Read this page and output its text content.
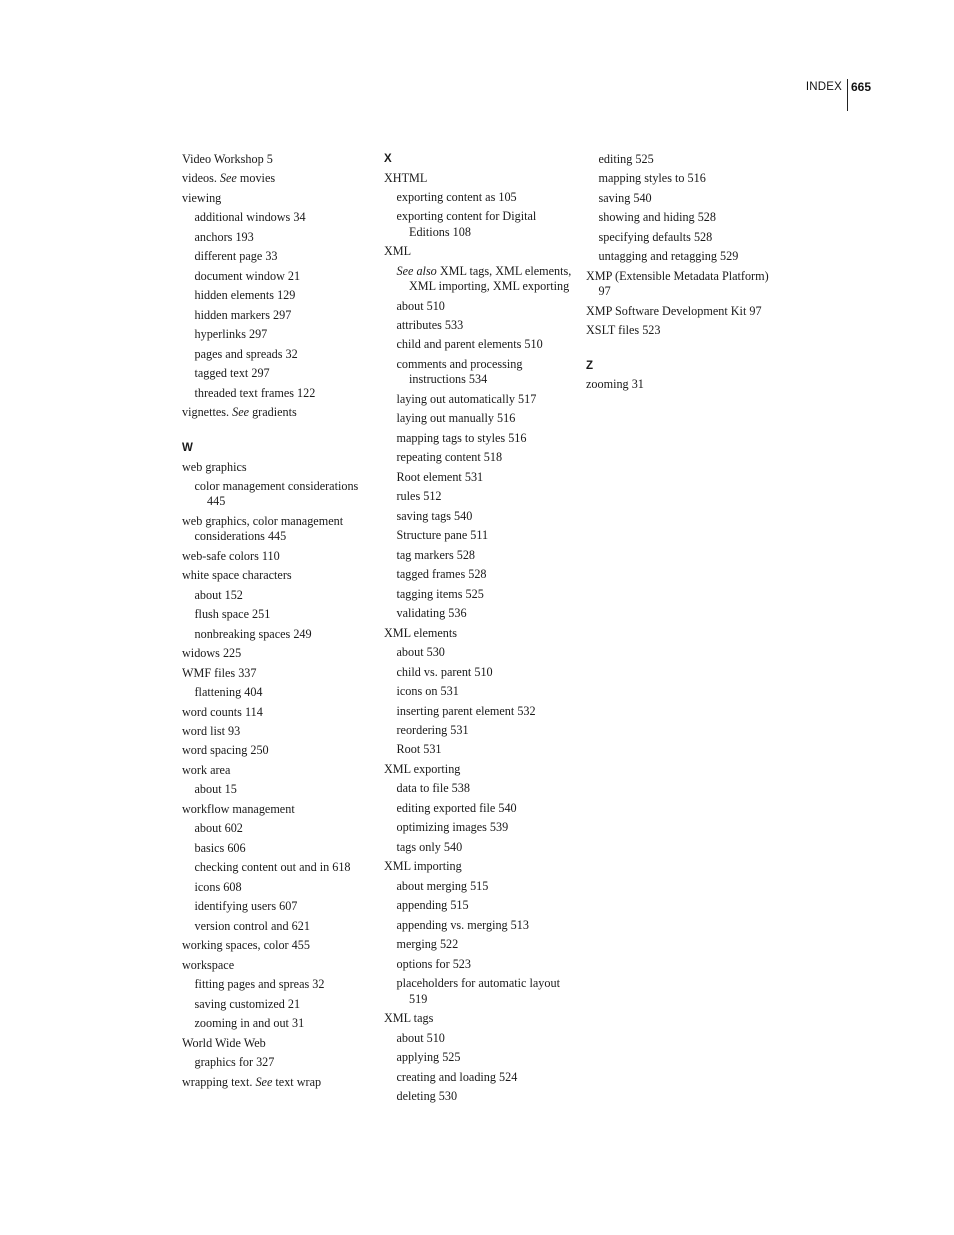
INDEX 665
Video Workshop 5
videos. See movies
viewing
additional windows 34
anchors 193
different page 33
document window 21
hidden elements 129
hidden markers 297
hyperlinks 297
pages and spreads 32
tagged text 297
threaded text frames 122
vignettes. See gradients
W
web graphics
color management considerations 445
web graphics, color management considerations 445
web-safe colors 110
white space characters
about 152
flush space 251
nonbreaking spaces 249
widows 225
WMF files 337
flattening 404
word counts 114
word list 93
word spacing 250
work area
about 15
workflow management
about 602
basics 606
checking content out and in 618
icons 608
identifying users 607
version control and 621
working spaces, color 455
workspace
fitting pages and spreas 32
saving customized 21
zooming in and out 31
World Wide Web
graphics for 327
wrapping text. See text wrap
X
XHTML
exporting content as 105
exporting content for Digital Editions 108
XML
See also XML tags, XML elements, XML importing, XML exporting
about 510
attributes 533
child and parent elements 510
comments and processing instructions 534
laying out automatically 517
laying out manually 516
mapping tags to styles 516
repeating content 518
Root element 531
rules 512
saving tags 540
Structure pane 511
tag markers 528
tagged frames 528
tagging items 525
validating 536
XML elements
about 530
child vs. parent 510
icons on 531
inserting parent element 532
reordering 531
Root 531
XML exporting
data to file 538
editing exported file 540
optimizing images 539
tags only 540
XML importing
about merging 515
appending 515
appending vs. merging 513
merging 522
options for 523
placeholders for automatic layout 519
XML tags
about 510
applying 525
creating and loading 524
deleting 530
editing 525
mapping styles to 516
saving 540
showing and hiding 528
specifying defaults 528
untagging and retagging 529
XMP (Extensible Metadata Platform) 97
XMP Software Development Kit 97
XSLT files 523
Z
zooming 31
